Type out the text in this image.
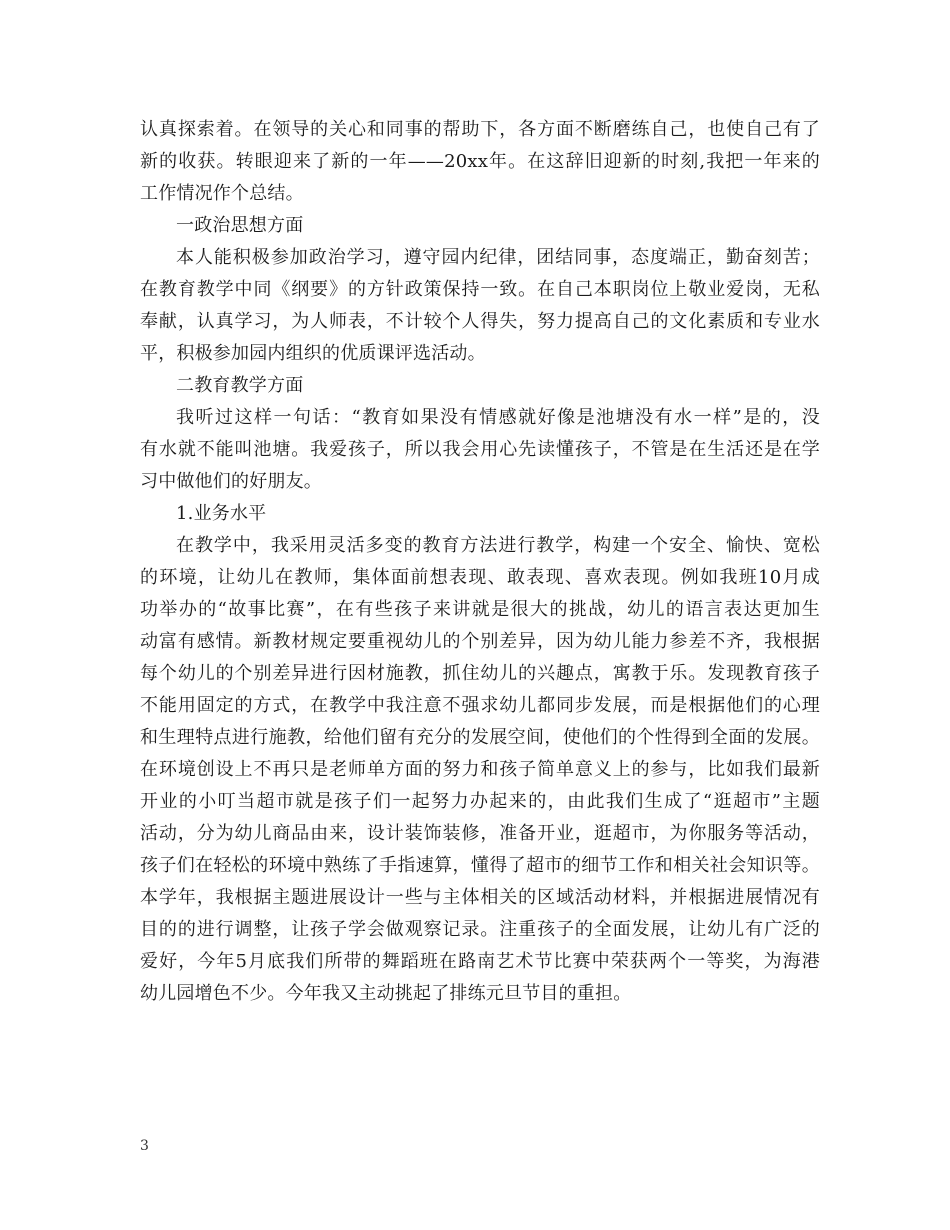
认真探索着。在领导的关心和同事的帮助下，各方面不断磨练自己，也使自己有了
新的收获。转眼迎来了新的一年——20xx年。在这辞旧迎新的时刻,我把一年来的
工作情况作个总结。
一政治思想方面
本人能积极参加政治学习，遵守园内纪律，团结同事，态度端正，勤奋刻苦；
在教育教学中同《纲要》的方针政策保持一致。在自己本职岗位上敬业爱岗，无私
奉献，认真学习，为人师表，不计较个人得失，努力提高自己的文化素质和专业水
平，积极参加园内组织的优质课评选活动。
二教育教学方面
我听过这样一句话：“教育如果没有情感就好像是池塘没有水一样”是的，没
有水就不能叫池塘。我爱孩子，所以我会用心先读懂孩子，不管是在生活还是在学
习中做他们的好朋友。
1.业务水平
在教学中，我采用灵活多变的教育方法进行教学，构建一个安全、愉快、宽松
的环境，让幼儿在教师，集体面前想表现、敢表现、喜欢表现。例如我班10月成
功举办的“故事比赛”，在有些孩子来讲就是很大的挑战，幼儿的语言表达更加生
动富有感情。新教材规定要重视幼儿的个别差异，因为幼儿能力参差不齐，我根据
每个幼儿的个别差异进行因材施教，抓住幼儿的兴趣点，寓教于乐。发现教育孩子
不能用固定的方式，在教学中我注意不强求幼儿都同步发展，而是根据他们的心理
和生理特点进行施教，给他们留有充分的发展空间，使他们的个性得到全面的发展。
在环境创设上不再只是老师单方面的努力和孩子简单意义上的参与，比如我们最新
开业的小叮当超市就是孩子们一起努力办起来的，由此我们生成了“逛超市”主题
活动，分为幼儿商品由来，设计装饰装修，准备开业，逛超市，为你服务等活动，
孩子们在轻松的环境中熟练了手指速算，懂得了超市的细节工作和相关社会知识等。
本学年，我根据主题进展设计一些与主体相关的区域活动材料，并根据进展情况有
目的的进行调整，让孩子学会做观察记录。注重孩子的全面发展，让幼儿有广泛的
爱好，今年5月底我们所带的舞蹈班在路南艺术节比赛中荣获两个一等奖，为海港
幼儿园增色不少。今年我又主动挑起了排练元旦节目的重担。
3
